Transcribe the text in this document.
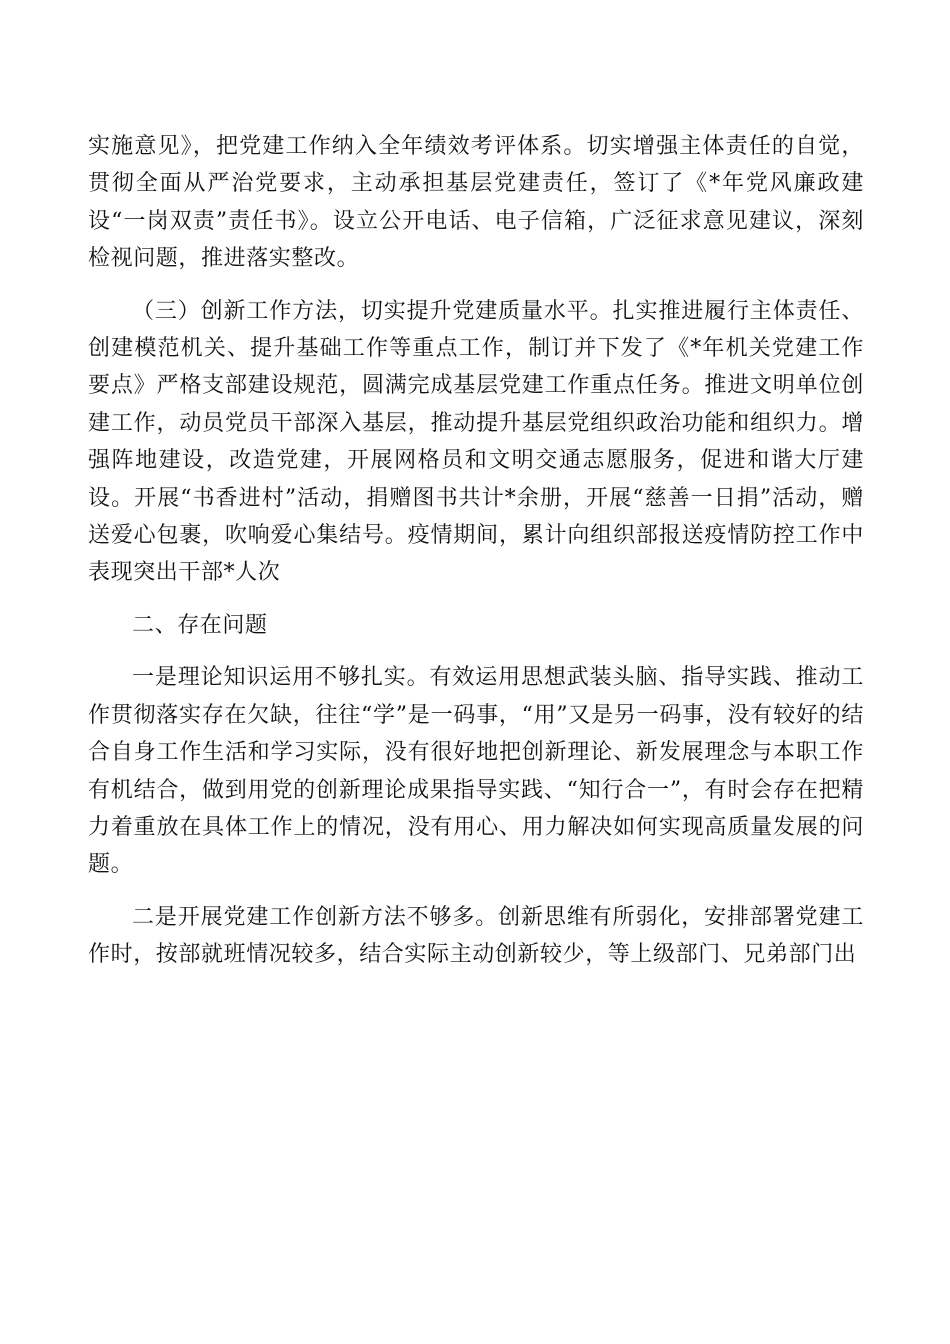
实施意见》，把党建工作纳入全年绩效考评体系。切实增强主体责任的自觉，贯彻全面从严治党要求，主动承担基层党建责任，签订了《*年党风廉政建设“一岗双责”责任书》。设立公开电话、电子信箱，广泛征求意见建议，深刻检视问题，推进落实整改。

（三）创新工作方法，切实提升党建质量水平。扎实推进履行主体责任、创建模范机关、提升基础工作等重点工作，制订并下发了《*年机关党建工作要点》严格支部建设规范，圆满完成基层党建工作重点任务。推进文明单位创建工作，动员党员干部深入基层，推动提升基层党组织政治功能和组织力。增强阵地建设，改造党建，开展网格员和文明交通志愿服务，促进和谐大厅建设。开展“书香进村”活动，捐赠图书共计*余册，开展“慈善一日捐”活动，赠送爱心包裹，吹响爱心集结号。疫情期间，累计向组织部报送疫情防控工作中表现突出干部*人次

二、存在问题

一是理论知识运用不够扎实。有效运用思想武装头脑、指导实践、推动工作贯彻落实存在欠缺，往往“学”是一码事，“用”又是另一码事，没有较好的结合自身工作生活和学习实际，没有很好地把创新理论、新发展理念与本职工作有机结合，做到用党的创新理论成果指导实践、“知行合一”，有时会存在把精力着重放在具体工作上的情况，没有用心、用力解决如何实现高质量发展的问题。

二是开展党建工作创新方法不够多。创新思维有所弱化，安排部署党建工作时，按部就班情况较多，结合实际主动创新较少，等上级部门、兄弟部门出
